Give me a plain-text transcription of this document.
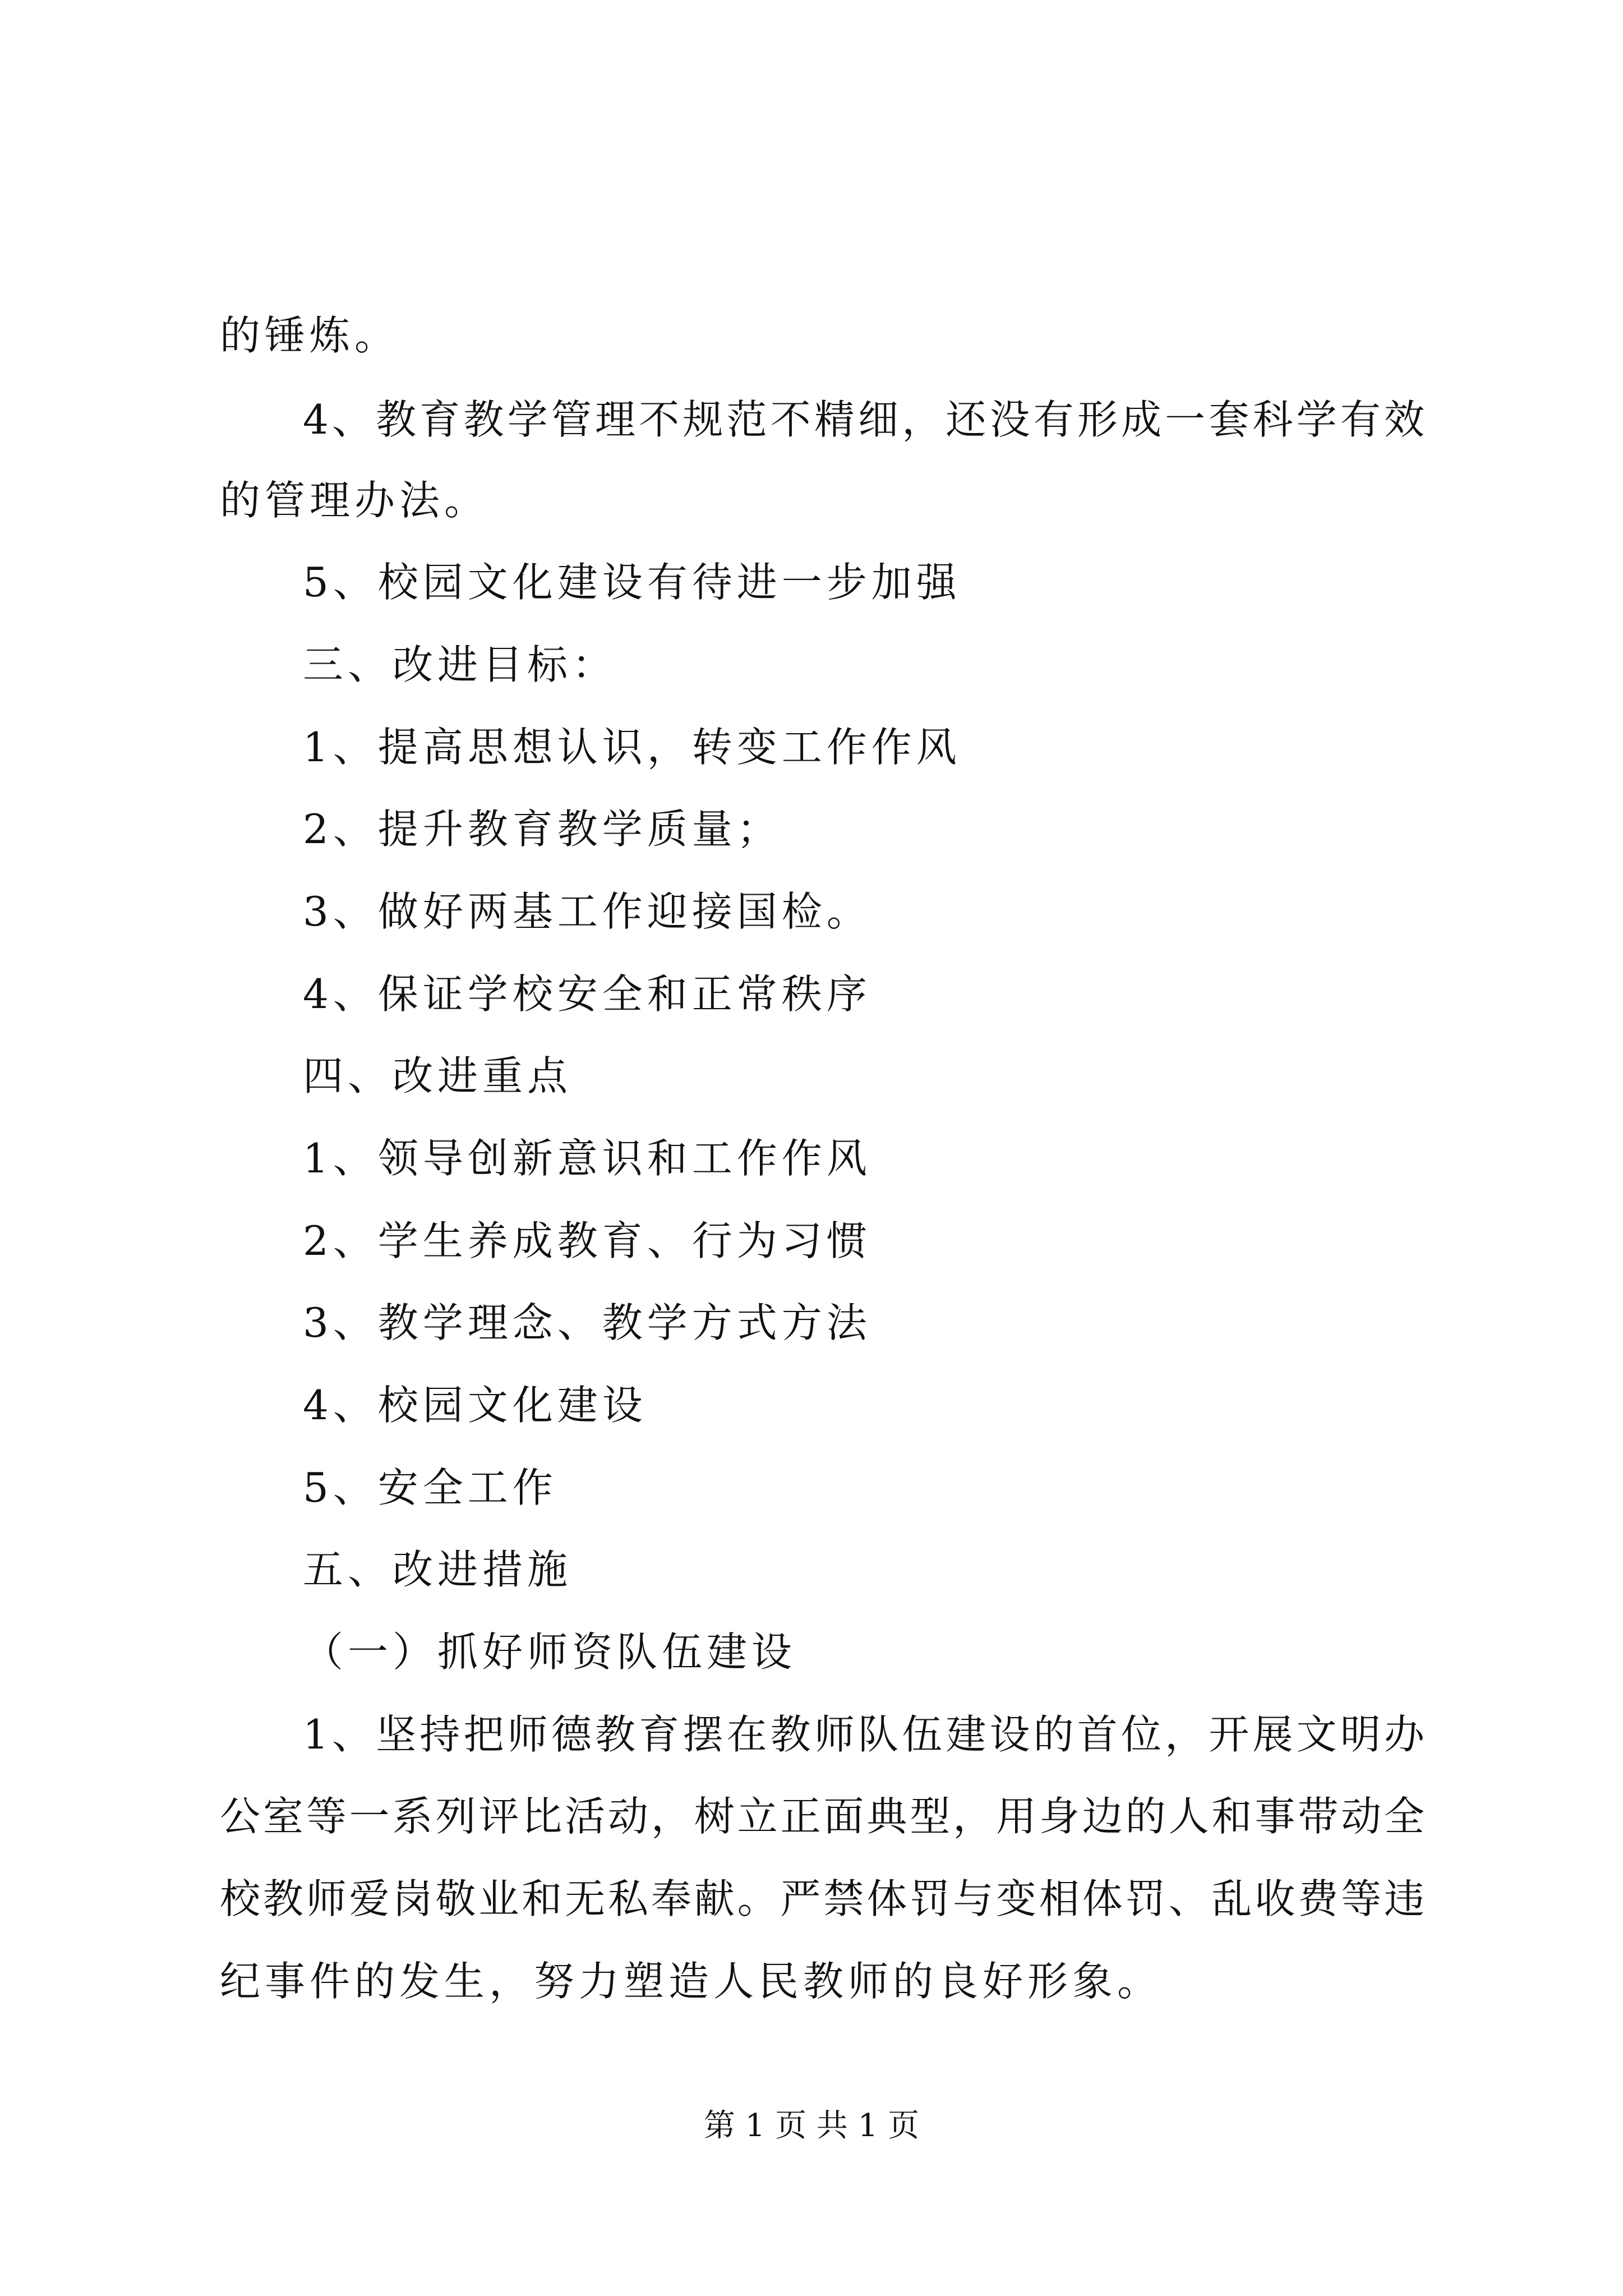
的锤炼。
4、教育教学管理不规范不精细，还没有形成一套科学有效
的管理办法。
5、校园文化建设有待进一步加强
三、改进目标：
1、提高思想认识，转变工作作风
2、提升教育教学质量；
3、做好两基工作迎接国检。
4、保证学校安全和正常秩序
四、改进重点
1、领导创新意识和工作作风
2、学生养成教育、行为习惯
3、教学理念、教学方式方法
4、校园文化建设
5、安全工作
五、改进措施
（一）抓好师资队伍建设
1、坚持把师德教育摆在教师队伍建设的首位，开展文明办
公室等一系列评比活动，树立正面典型，用身边的人和事带动全
校教师爱岗敬业和无私奉献。严禁体罚与变相体罚、乱收费等违
纪事件的发生，努力塑造人民教师的良好形象。
第 1 页 共 1 页
